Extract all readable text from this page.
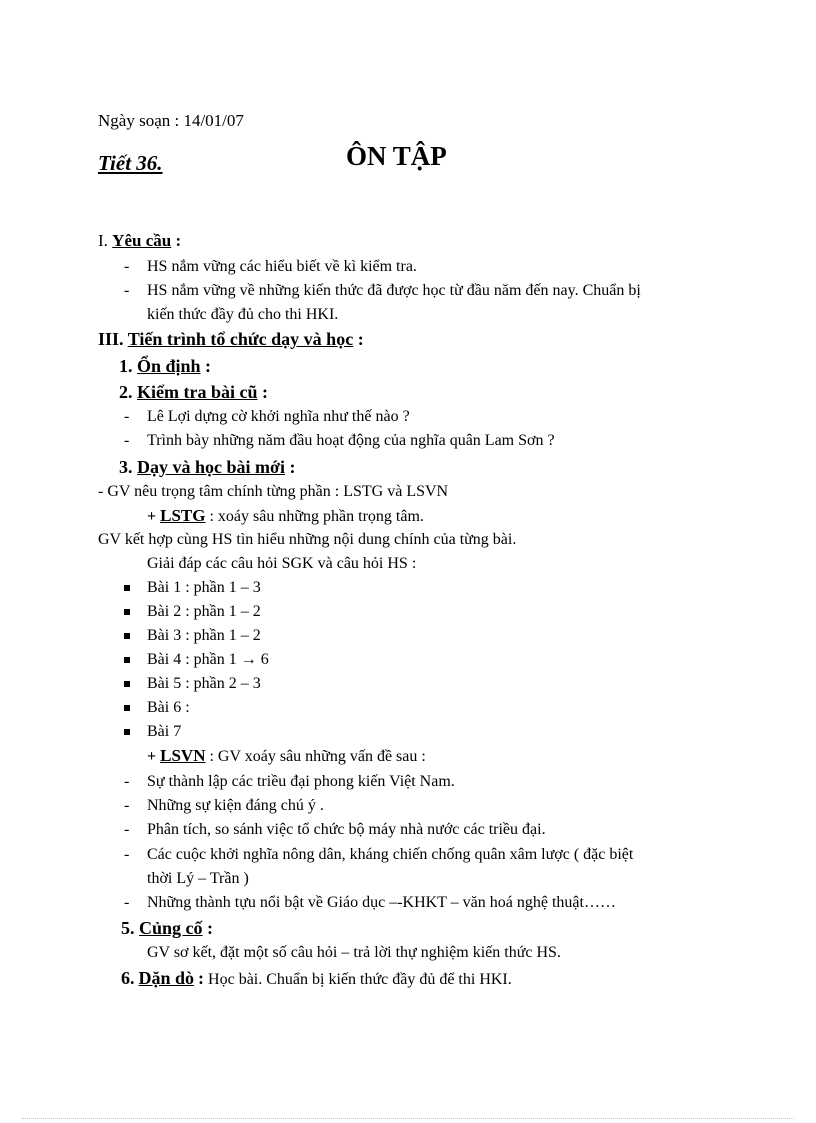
Ngày soạn : 14/01/07
Tiết 36.	ÔN TẬP
I. Yêu cầu :
- HS nắm vững các hiểu biết về kì kiểm tra.
- HS nắm vững về những kiến thức đã được học từ đầu năm đến nay. Chuẩn bị
kiến thức đầy đủ cho thi HKI.
III. Tiến trình tổ chức dạy và học :
1. Ổn định :
2. Kiểm tra bài cũ :
- Lê Lợi dựng cờ khởi nghĩa như thế nào ?
- Trình bày những năm đầu hoạt động của nghĩa quân Lam Sơn ?
3. Dạy và học bài mới :
- GV nêu trọng tâm chính từng phần : LSTG và LSVN
+ LSTG : xoáy sâu những phần trọng tâm.
GV kết hợp cùng HS tìn hiểu những nội dung chính của từng bài.
Giải đáp các câu hỏi SGK và câu hỏi HS :
Bài 1 : phần 1 – 3
Bài 2 : phần 1 – 2
Bài 3 : phần 1 – 2
Bài 4 : phần 1 → 6
Bài 5 : phần 2 – 3
Bài 6 :
Bài 7
+ LSVN : GV xoáy sâu những vấn đề sau :
- Sự thành lập các triều đại phong kiến Việt Nam.
- Những sự kiện đáng chú ý .
- Phân tích, so sánh việc tổ chức bộ máy nhà nước các triều đại.
- Các cuộc khởi nghĩa nông dân, kháng chiến chống quân xâm lược ( đặc biệt
thời Lý – Trần )
- Những thành tựu nổi bật về Giáo dục –-KHKT – văn hoá nghệ thuật……
5. Củng cố :
GV sơ kết, đặt một số câu hỏi – trả lời thự nghiệm kiến thức HS.
6. Dặn dò : Học bài. Chuẩn bị kiến thức đầy đủ để thi HKI.
